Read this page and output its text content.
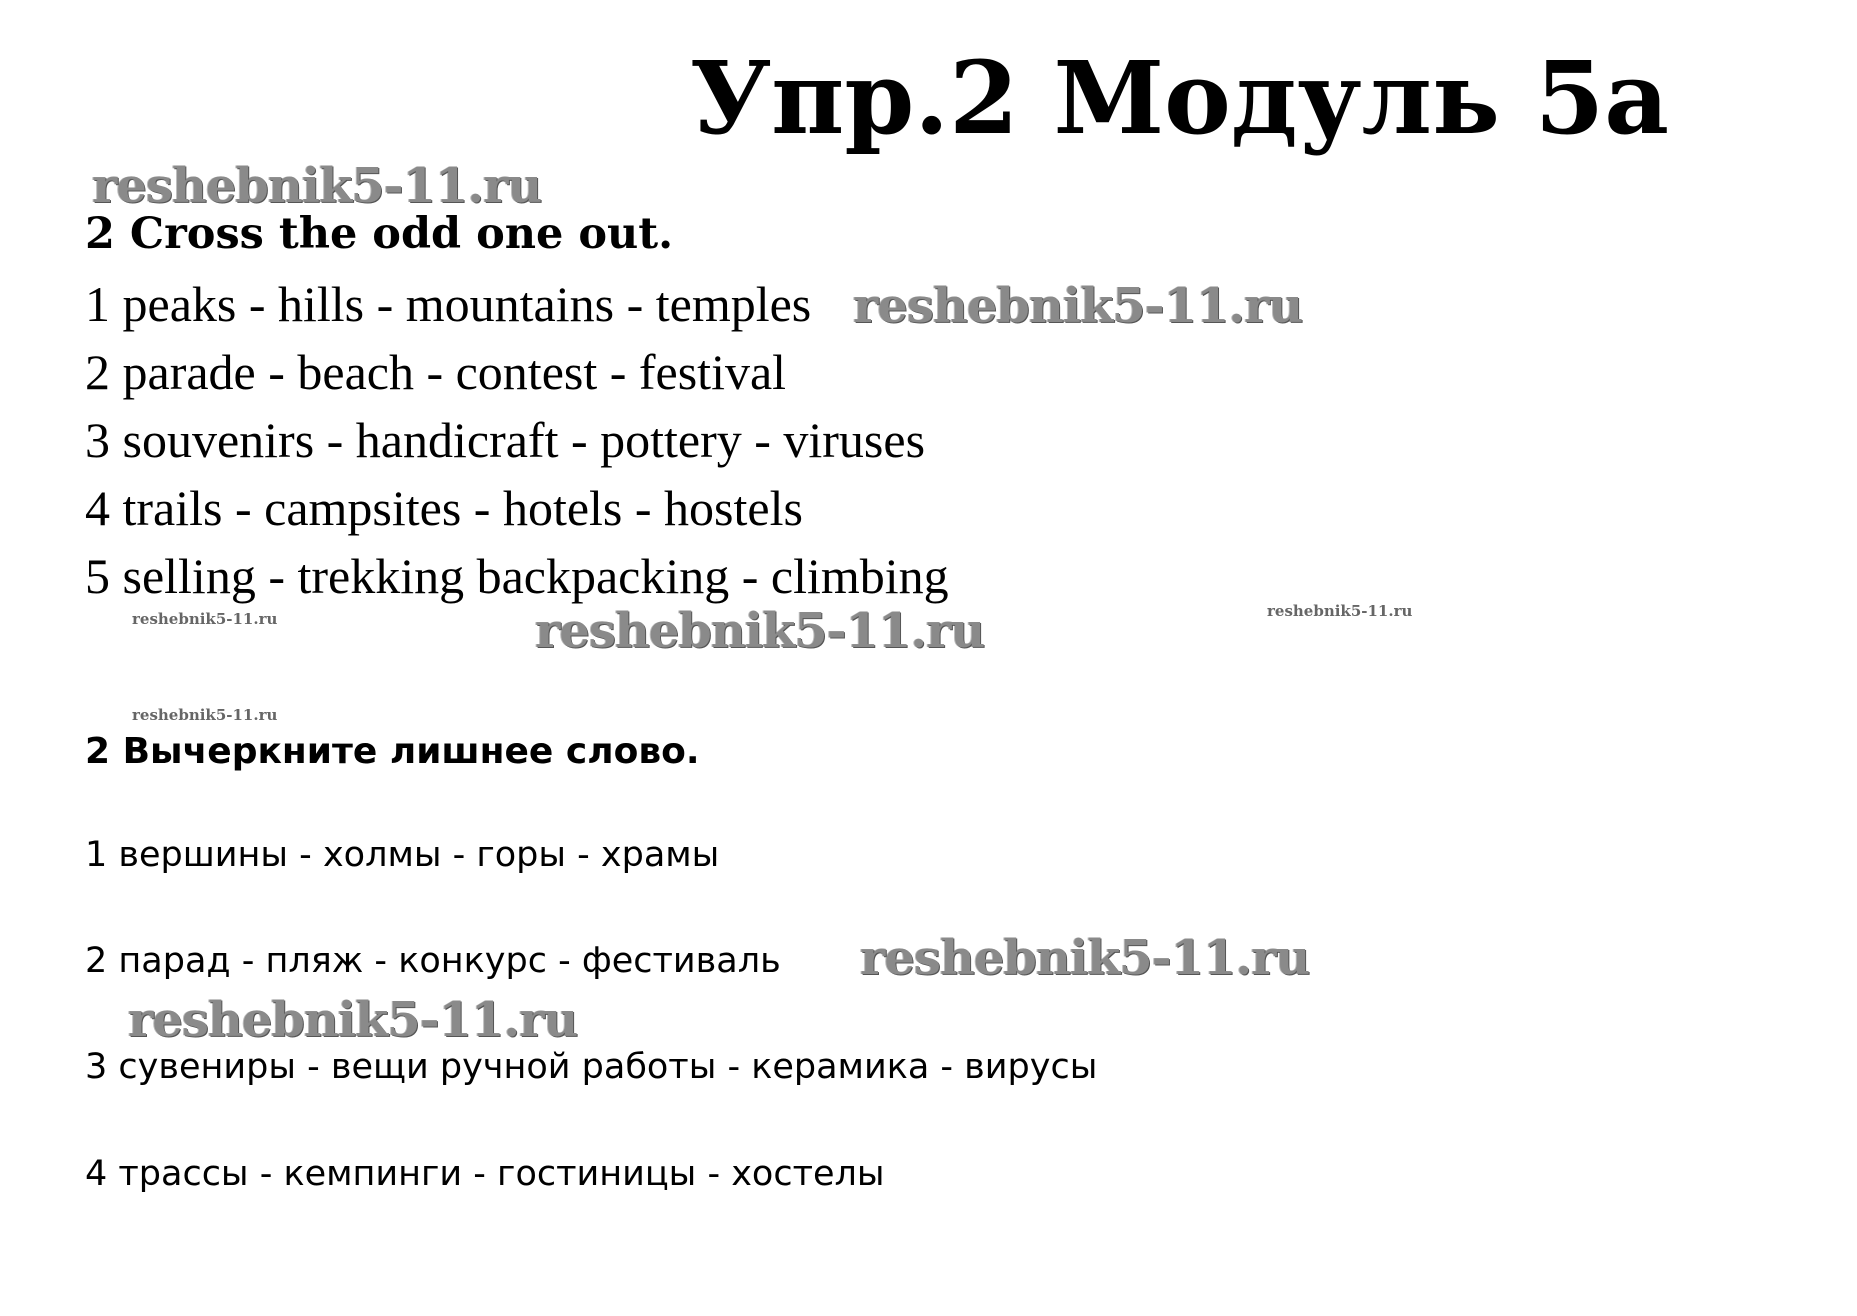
Упр.2 Модуль 5a
reshebnik5-11.ru
reshebnik5-11.ru
reshebnik5-11.ru
reshebnik5-11.ru	reshebnik5-11.ru
reshebnik5-11.ru
reshebnik5-11.ru
reshebnik5-11.ru
2 Cross the odd one out.
1 peaks - hills - mountains - temples
2 parade - beach - contest - festival
3 souvenirs - handicraft - pottery - viruses
4 trails - campsites - hotels - hostels
5 selling - trekking backpacking - climbing
2 Вычеркните лишнее слово.
1 вершины - холмы - горы - храмы
2 парад - пляж - конкурс - фестиваль
3 сувениры - вещи ручной работы - керамика - вирусы
4 трассы - кемпинги - гостиницы - хостелы
